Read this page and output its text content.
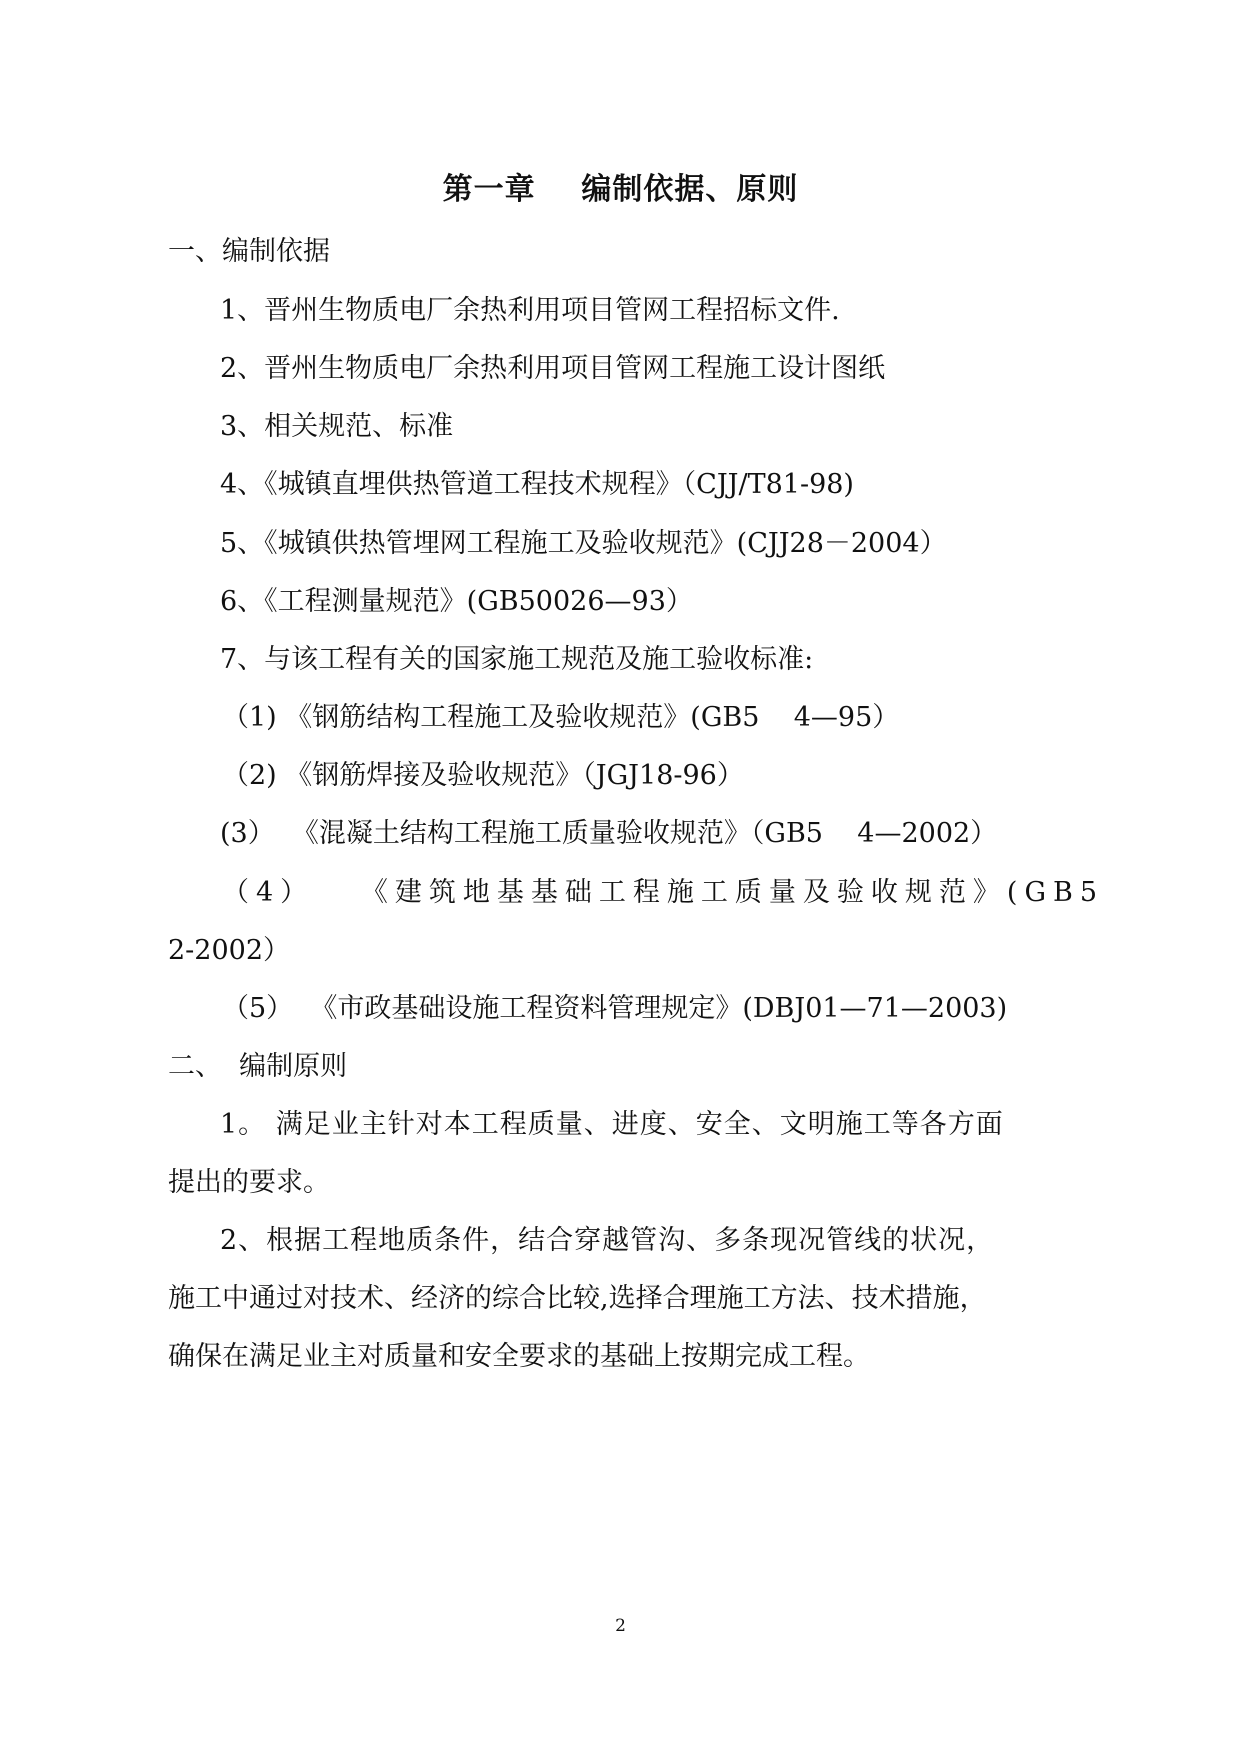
第一章    编制依据、原则
一、编制依据
1、晋州生物质电厂余热利用项目管网工程招标文件.
2、晋州生物质电厂余热利用项目管网工程施工设计图纸
3、相关规范、标准
4、《城镇直埋供热管道工程技术规程》（CJJ/T81-98)
5、《城镇供热管埋网工程施工及验收规范》(CJJ28－2004）
6、《工程测量规范》(GB50026—93）
7、与该工程有关的国家施工规范及施工验收标准:
（1) 《钢筋结构工程施工及验收规范》(GB5    4—95）
（2) 《钢筋焊接及验收规范》（JGJ18-96）
(3）  《混凝土结构工程施工质量验收规范》（GB5    4—2002）
（4）   《建筑地基基础工程施工质量及验收规范》(GB5
2-2002）
（5）  《市政基础设施工程资料管理规定》(DBJ01—71—2003)
二、  编制原则
1。 满足业主针对本工程质量、进度、安全、文明施工等各方面
提出的要求。
2、根据工程地质条件，结合穿越管沟、多条现况管线的状况，
施工中通过对技术、经济的综合比较,选择合理施工方法、技术措施，
确保在满足业主对质量和安全要求的基础上按期完成工程。
2
